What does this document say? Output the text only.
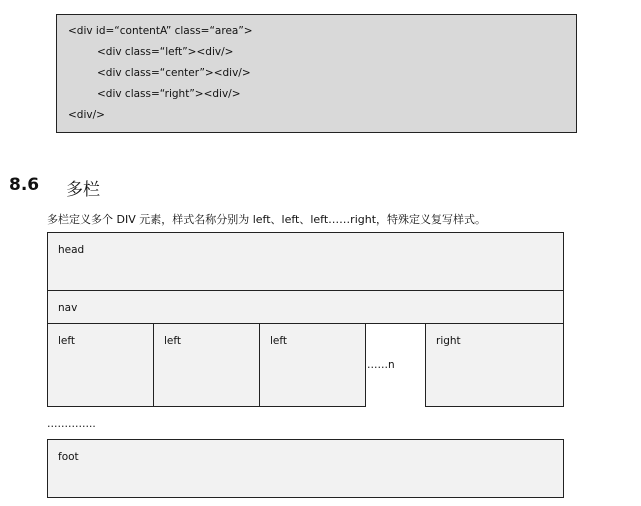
<div id=“contentA” class=“area”>
<div class=“left”><div/>
<div class=“center”><div/>
<div class=“right”><div/>
<div/>
8.6 多栏
多栏定义多个 DIV 元素，样式名称分别为 left、left、left……right，特殊定义复写样式。
head
nav
left	left	left
……n
right
…………..
foot
